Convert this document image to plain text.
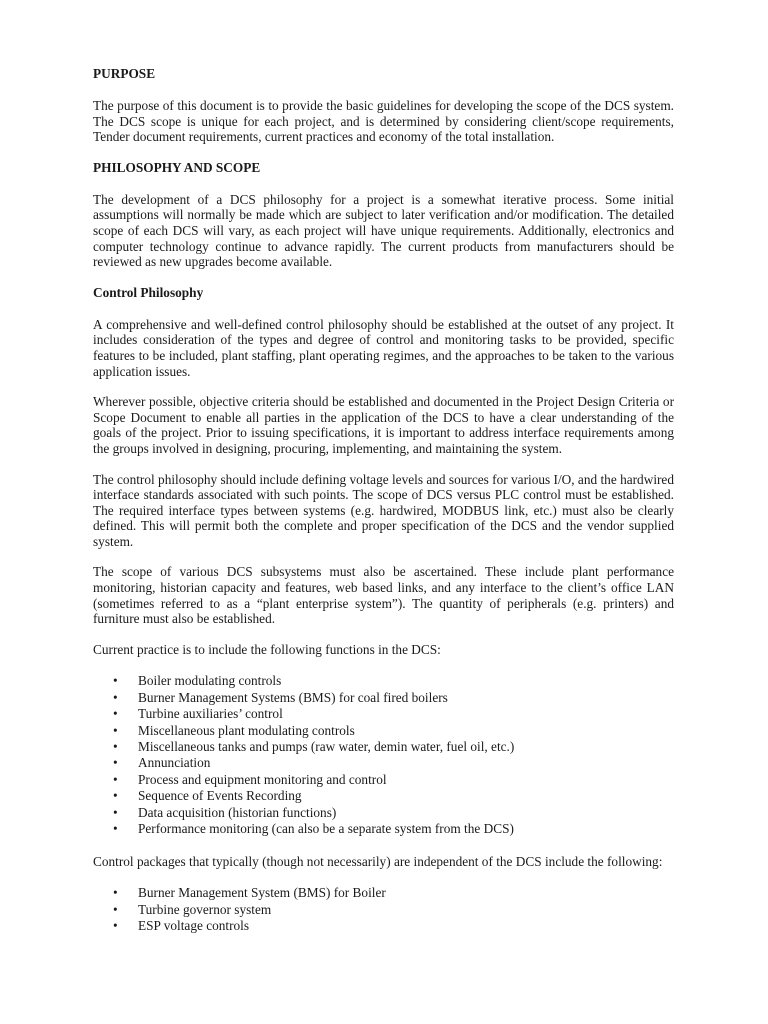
PURPOSE

The purpose of this document is to provide the basic guidelines for developing the scope of the DCS system. The DCS scope is unique for each project, and is determined by considering client/scope requirements, Tender document requirements, current practices and economy of the total installation.

PHILOSOPHY AND SCOPE

The development of a DCS philosophy for a project is a somewhat iterative process. Some initial assumptions will normally be made which are subject to later verification and/or modification. The detailed scope of each DCS will vary, as each project will have unique requirements. Additionally, electronics and computer technology continue to advance rapidly. The current products from manufacturers should be reviewed as new upgrades become available.

Control Philosophy

A comprehensive and well-defined control philosophy should be established at the outset of any project. It includes consideration of the types and degree of control and monitoring tasks to be provided, specific features to be included, plant staffing, plant operating regimes, and the approaches to be taken to the various application issues.

Wherever possible, objective criteria should be established and documented in the Project Design Criteria or Scope Document to enable all parties in the application of the DCS to have a clear understanding of the goals of the project. Prior to issuing specifications, it is important to address interface requirements among the groups involved in designing, procuring, implementing, and maintaining the system.

The control philosophy should include defining voltage levels and sources for various I/O, and the hardwired interface standards associated with such points. The scope of DCS versus PLC control must be established. The required interface types between systems (e.g. hardwired, MODBUS link, etc.) must also be clearly defined. This will permit both the complete and proper specification of the DCS and the vendor supplied system.

The scope of various DCS subsystems must also be ascertained. These include plant performance monitoring, historian capacity and features, web based links, and any interface to the client’s office LAN (sometimes referred to as a “plant enterprise system”). The quantity of peripherals (e.g. printers) and furniture must also be established.

Current practice is to include the following functions in the DCS:

• Boiler modulating controls
• Burner Management Systems (BMS) for coal fired boilers
• Turbine auxiliaries’ control
• Miscellaneous plant modulating controls
• Miscellaneous tanks and pumps (raw water, demin water, fuel oil, etc.)
• Annunciation
• Process and equipment monitoring and control
• Sequence of Events Recording
• Data acquisition (historian functions)
• Performance monitoring (can also be a separate system from the DCS)

Control packages that typically (though not necessarily) are independent of the DCS include the following:

• Burner Management System (BMS) for Boiler
• Turbine governor system
• ESP voltage controls
